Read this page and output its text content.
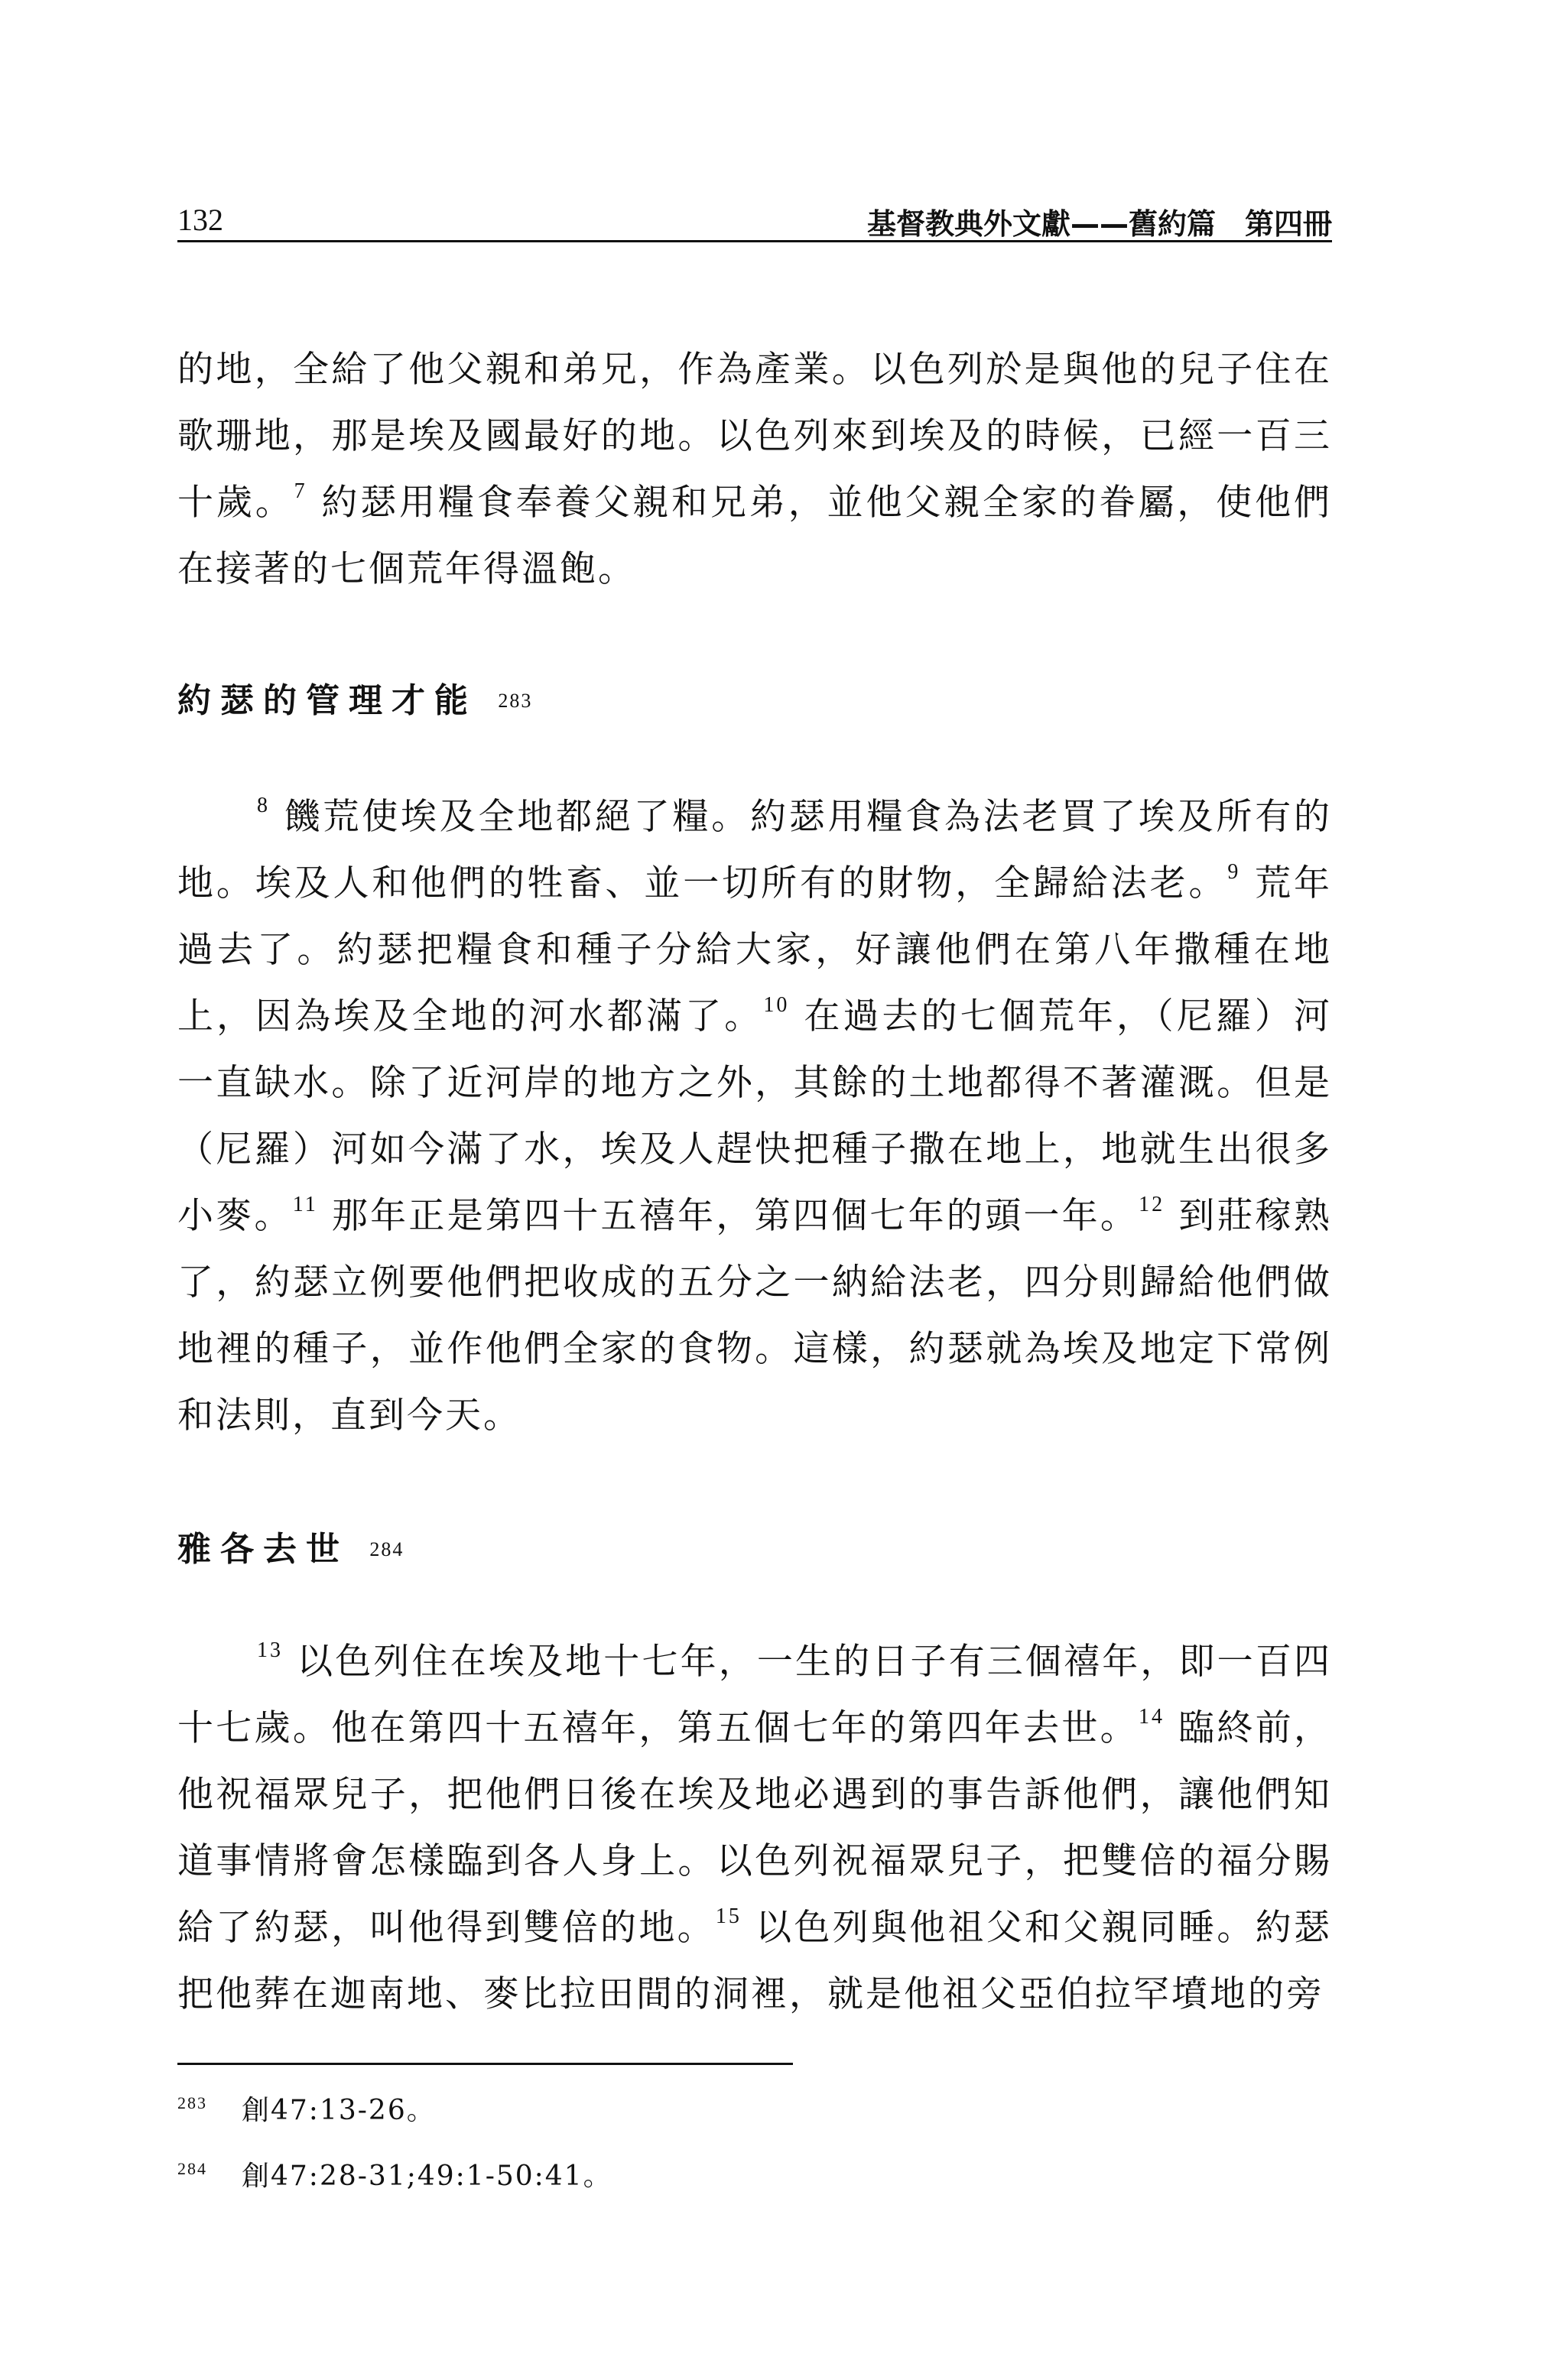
132	基督教典外文獻——舊約篇　第四冊

的地，全給了他父親和弟兄，作為產業。以色列於是與他的兒子住在歌珊地，那是埃及國最好的地。以色列來到埃及的時候，已經一百三十歲。$^7$ 約瑟用糧食奉養父親和兄弟，並他父親全家的眷屬，使他們在接著的七個荒年得溫飽。

約瑟的管理才能 283

$^8$ 饑荒使埃及全地都絕了糧。約瑟用糧食為法老買了埃及所有的地。埃及人和他們的牲畜、並一切所有的財物，全歸給法老。$^9$ 荒年過去了。約瑟把糧食和種子分給大家，好讓他們在第八年撒種在地上，因為埃及全地的河水都滿了。$^{10}$ 在過去的七個荒年，（尼羅）河一直缺水。除了近河岸的地方之外，其餘的土地都得不著灌溉。但是（尼羅）河如今滿了水，埃及人趕快把種子撒在地上，地就生出很多小麥。$^{11}$ 那年正是第四十五禧年，第四個七年的頭一年。$^{12}$ 到莊稼熟了，約瑟立例要他們把收成的五分之一納給法老，四分則歸給他們做地裡的種子，並作他們全家的食物。這樣，約瑟就為埃及地定下常例和法則，直到今天。

雅各去世 284

$^{13}$ 以色列住在埃及地十七年，一生的日子有三個禧年，即一百四十七歲。他在第四十五禧年，第五個七年的第四年去世。$^{14}$ 臨終前，他祝福眾兒子，把他們日後在埃及地必遇到的事告訴他們，讓他們知道事情將會怎樣臨到各人身上。以色列祝福眾兒子，把雙倍的福分賜給了約瑟，叫他得到雙倍的地。$^{15}$ 以色列與他祖父和父親同睡。約瑟把他葬在迦南地、麥比拉田間的洞裡，就是他祖父亞伯拉罕墳地的旁

283 創47:13-26。

284 創47:28-31;49:1-50:41。
